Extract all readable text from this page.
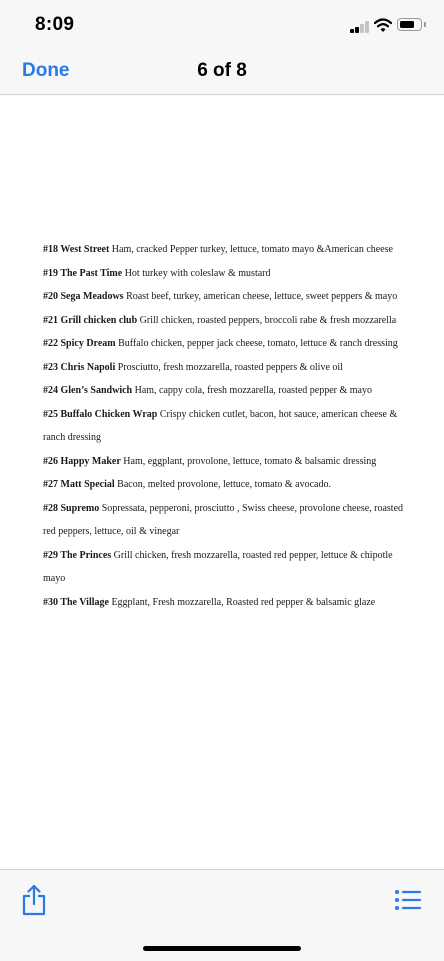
8:09
Done	6 of 8
#18 West Street Ham, cracked Pepper turkey, lettuce, tomato mayo &American cheese
#19 The Past Time Hot turkey with coleslaw & mustard
#20 Sega Meadows Roast beef, turkey, american cheese, lettuce, sweet peppers & mayo
#21 Grill chicken club Grill chicken, roasted peppers, broccoli rabe & fresh mozzarella
#22 Spicy Dream Buffalo chicken, pepper jack cheese, tomato, lettuce & ranch dressing
#23 Chris Napoli Prosciutto, fresh mozzarella, roasted peppers & olive oil
#24 Glen’s Sandwich Ham, cappy cola, fresh mozzarella, roasted pepper & mayo
#25 Buffalo Chicken Wrap Crispy chicken cutlet, bacon, hot sauce, american cheese & ranch dressing
#26 Happy Maker Ham, eggplant, provolone, lettuce, tomato & balsamic dressing
#27 Matt Special Bacon, melted provolone, lettuce, tomato & avocado.
#28 Supremo Sopressata, pepperoni, prosciutto , Swiss cheese, provolone cheese, roasted red peppers, lettuce, oil & vinegar
#29 The Princes Grill chicken, fresh mozzarella, roasted red pepper, lettuce & chipotle mayo
#30 The Village Eggplant, Fresh mozzarella, Roasted red pepper & balsamic glaze
